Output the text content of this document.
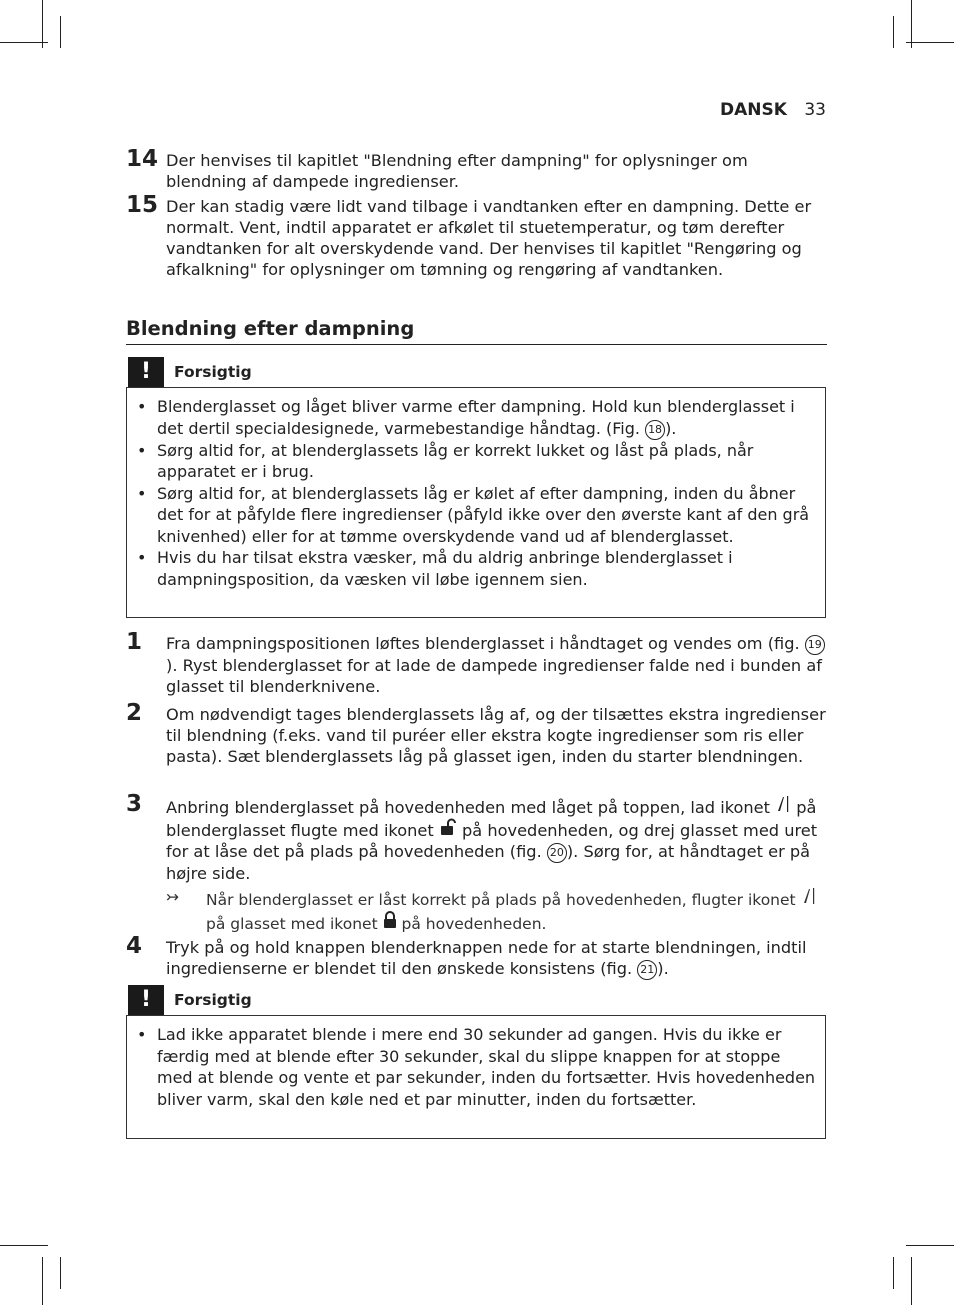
DANSK 33
14 Der henvises til kapitlet "Blendning efter dampning" for oplysninger om blendning af dampede ingredienser.
15 Der kan stadig være lidt vand tilbage i vandtanken efter en dampning. Dette er normalt. Vent, indtil apparatet er afkølet til stuetemperatur, og tøm derefter vandtanken for alt overskydende vand. Der henvises til kapitlet "Rengøring og afkalkning" for oplysninger om tømning og rengøring af vandtanken.
Blendning efter dampning
!	Forsigtig
• Blenderglasset og låget bliver varme efter dampning. Hold kun blenderglasset i det dertil specialdesignede, varmebestandige håndtag. (Fig. 18 ).
• Sørg altid for, at blenderglassets låg er korrekt lukket og låst på plads, når apparatet er i brug.
• Sørg altid for, at blenderglassets låg er kølet af efter dampning, inden du åbner det for at påfylde flere ingredienser (påfyld ikke over den øverste kant af den grå knivenhed) eller for at tømme overskydende vand ud af blenderglasset.
• Hvis du har tilsat ekstra væsker, må du aldrig anbringe blenderglasset i dampningsposition, da væsken vil løbe igennem sien.
1 Fra dampningspositionen løftes blenderglasset i håndtaget og vendes om (fig. 19). Ryst blenderglasset for at lade de dampede ingredienser falde ned i bunden af glasset til blenderknivene.
2 Om nødvendigt tages blenderglassets låg af, og der tilsættes ekstra ingredienser til blendning (f.eks. vand til puréer eller ekstra kogte ingredienser som ris eller pasta). Sæt blenderglassets låg på glasset igen, inden du starter blendningen.
3 Anbring blenderglasset på hovedenheden med låget på toppen, lad ikonet  på blenderglasset flugte med ikonet  på hovedenheden, og drej glasset med uret for at låse det på plads på hovedenheden (fig. 20 ). Sørg for, at håndtaget er på højre side.
↣ Når blenderglasset er låst korrekt på plads på hovedenheden, flugter ikonet  på glasset med ikonet  på hovedenheden.
4 Tryk på og hold knappen blenderknappen nede for at starte blendningen, indtil ingredienserne er blendet til den ønskede konsistens (fig. 21 ).
!	Forsigtig
• Lad ikke apparatet blende i mere end 30 sekunder ad gangen. Hvis du ikke er færdig med at blende efter 30 sekunder, skal du slippe knappen for at stoppe med at blende og vente et par sekunder, inden du fortsætter. Hvis hovedenheden bliver varm, skal den køle ned et par minutter, inden du fortsætter.
